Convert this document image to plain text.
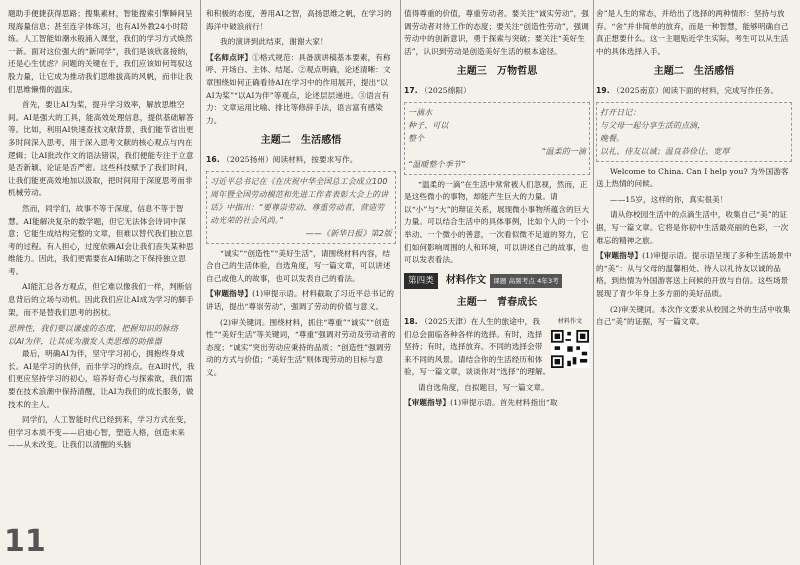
题助手便捷获得思路；搜集素材，智能搜索引擎瞬间呈现海量信息；甚至连字体练习，也有AI外教24小时陪练。人工智能如潮水般涌入课堂，我们的学习方式焕然一新。面对这位强大的“新同学”，我们是该欣喜接纳，还是心生忧虑？问题的关键在于，我们应该如何驾驭这股力量，让它成为推动我们思维拔高的风帆，而非让我们思维懒惰的温床。

首先，要让AI为桨，提升学习效率，解放思维空间。AI是强大的工具，能高效处理信息，提供基础解答等。比如，利用AI快速查找文献背景，我们能节省出更多时间深入思考，用于深入思考文献的核心观点与内在逻辑；让AI批改作文的语法错误，我们便能专注于立意是否新颖、论证是否严密。这些科技赋予了我们时间，让我们能更高效地加以汲取，把时间用于深度思考而非机械劳动。

然而，同学们，故事不等于深度，信息不等于智慧。AI能解决复杂的数学题，但它无法体会诗词中深意；它能生成结构完整的文章，但难以替代我们独立思考的过程。有人担心，过度依赖AI会让我们丧失某种思维能力。因此，我们更需要在AI辅助之下保持独立思考。

AI能汇总各方观点，但它难以像我们一样，判断信息背后的立场与动机。因此我们应让AI成为学习的脚手架，而不是替我们思考的拐杖。

思辨性，我们要以谦虚的态度，把握知识的脉络
以AI为伴，让其成为激发人类思维的助推器

最后，明确AI为伴，坚守学习初心，拥抱终身成长。AI是学习的伙伴，而非学习的终点。在AI时代，我们更应坚持学习的初心，培养好奇心与探索欲，我们需要在技术浪潮中保持清醒，让AI为我们的成长服务，做技术的主人。

同学们，人工智能时代已经到来，学习方式在变，但学习本质不变——启迪心智，塑造人格，创造未来——从未改变。让我们以清醒的头脑

11

和积极的态度，善用AI之智，高扬思维之帆，在学习的海洋中破浪前行！

我的演讲到此结束，谢谢大家！

【名师点评】①格式规范：具备演讲稿基本要素，有称呼、开场白、主体、结尾。②观点明确，论述清晰：文章围绕如何正确看待AI在学习中的作用展开，提出“以AI为桨”“以AI为伴”等观点，论述层层递进。③语言有力：文章运用比喻、排比等修辞手法，语言富有感染力。

主题二　生活感悟

16. （2025扬州）阅读材料，按要求写作。

习近平总书记在《在庆祝中华全国总工会成立100周年暨全国劳动模范和先进工作者表彰大会上的讲话》中指出：“要尊崇劳动、尊重劳动者，营造劳动光荣的社会风尚。”
——《新华日报》第2版

“诚实”“创造性”“美好生活”，请围绕材料内容，结合自己的生活体验，自选角度，写一篇文章，可以讲述自己或他人的故事，也可以发表自己的看法。

【审题指导】(1)审提示语。材料截取了习近平总书记的讲话，提出“尊崇劳动”，强调了劳动的价值与意义。

(2)审关键词。围绕材料，抓住“尊重”“诚实”“创造性”“美好生活”等关键词，“尊重”强调对劳动及劳动者的态度；“诚实”突出劳动应秉持的品质；“创造性”强调劳动的方式与价值；“美好生活”则体现劳动的目标与意义。

值得尊重的价值，尊重劳动者。要关注“诚实劳动”，强调劳动者对待工作的态度；要关注“创造性劳动”，强调劳动中的创新意识，勇于探索与突破；要关注“美好生活”，认识到劳动是创造美好生活的根本途径。

主题三　万物哲思

17. （2025绵阳）

一滴水
种子、可以
整个
“温柔的一滴
“温暖整个季节”

“温柔的一滴”在生活中常常被人们忽视，然而，正是这些微小的事物，却能产生巨大的力量。请以“小”与“大”的辩证关系，展现微小事物所蕴含的巨大力量。可以结合生活中的具体事例，比如个人的一个小举动、一个微小的善意，一次看似微不足道的努力，它们如何影响周围的人和环境，可以讲述自己的故事，也可以发表看法。

第四类	材料作文	课题 高频考点 4年3考
主题一　青春成长
材料作文

18. （2025天津）在人生的旅途中，我们总会面临各种各样的选择。有时，选择坚持；有时，选择放弃。不同的选择会带来不同的风景。请结合你的生活经历和体验，写一篇文章，谈谈你对“选择”的理解。

请自选角度，自拟题目，写一篇文章。

【审题指导】(1)审提示语。首先材料指出“取

舍”是人生的常态，并给出了选择的两种情形：坚持与放弃。“舍”并非简单的放弃，而是一种智慧，能够明确自己真正想要什么。这一主题贴近学生实际，考生可以从生活中的具体选择入手。

主题二　生活感悟

19. （2025南京）阅读下面的材料，完成写作任务。

打开日记：
与父母一起分享生活的点滴，
晚餐。
以礼、待友以诚；温良恭俭让、宽厚

Welcome to China. Can I help you? 为外国游客送上热情的问候。

——15岁，这样的你，真实很美！

请从你校园生活中的点滴生活中，收集自己“美”的证据，写一篇文章。它将是你初中生活最亮丽的色彩，一次难忘的精神之旅。

【审题指导】(1)审提示语。提示语呈现了多种生活场景中的“美”：从与父母的温馨相处、待人以礼待友以诚的品格，到热情为外国游客送上问候的开放与自信。这些场景展现了青少年身上多方面的美好品质。

(2)审关键词。本次作文要求从校园之外的生活中收集自己“美”的证据，写一篇文章。
